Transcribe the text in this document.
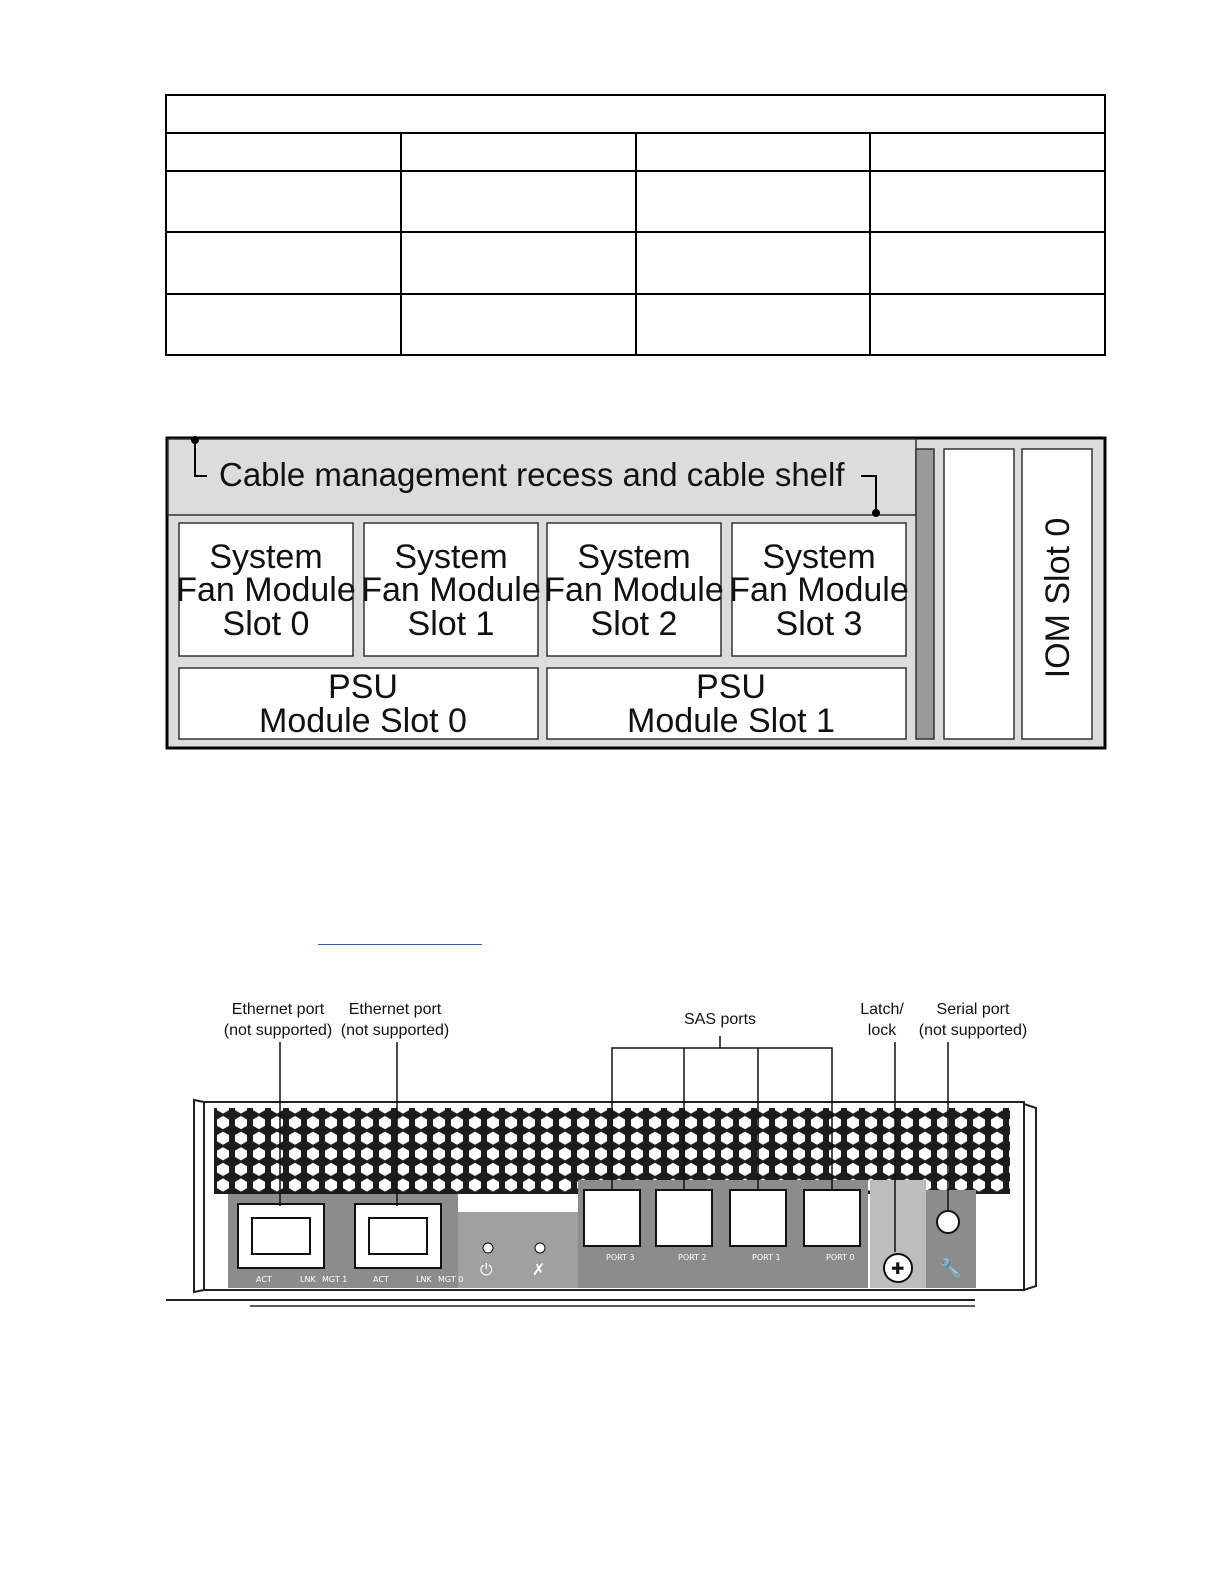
Cable management recess and cable shelf
System
Fan Module
Slot 0
System
Fan Module
Slot 1
System
Fan Module
Slot 2
System
Fan Module
Slot 3
PSU
Module Slot 0
PSU
Module Slot 1
IOM Slot 0
Ethernet port
(not supported)
Ethernet port
(not supported)
SAS ports
Latch/
lock
Serial port
(not supported)
ACT	LNK MGT 1	ACT	LNK MGT 0
⏻ ✗
PORT 3	PORT 2	PORT 1	PORT 0
✚ 🔧
